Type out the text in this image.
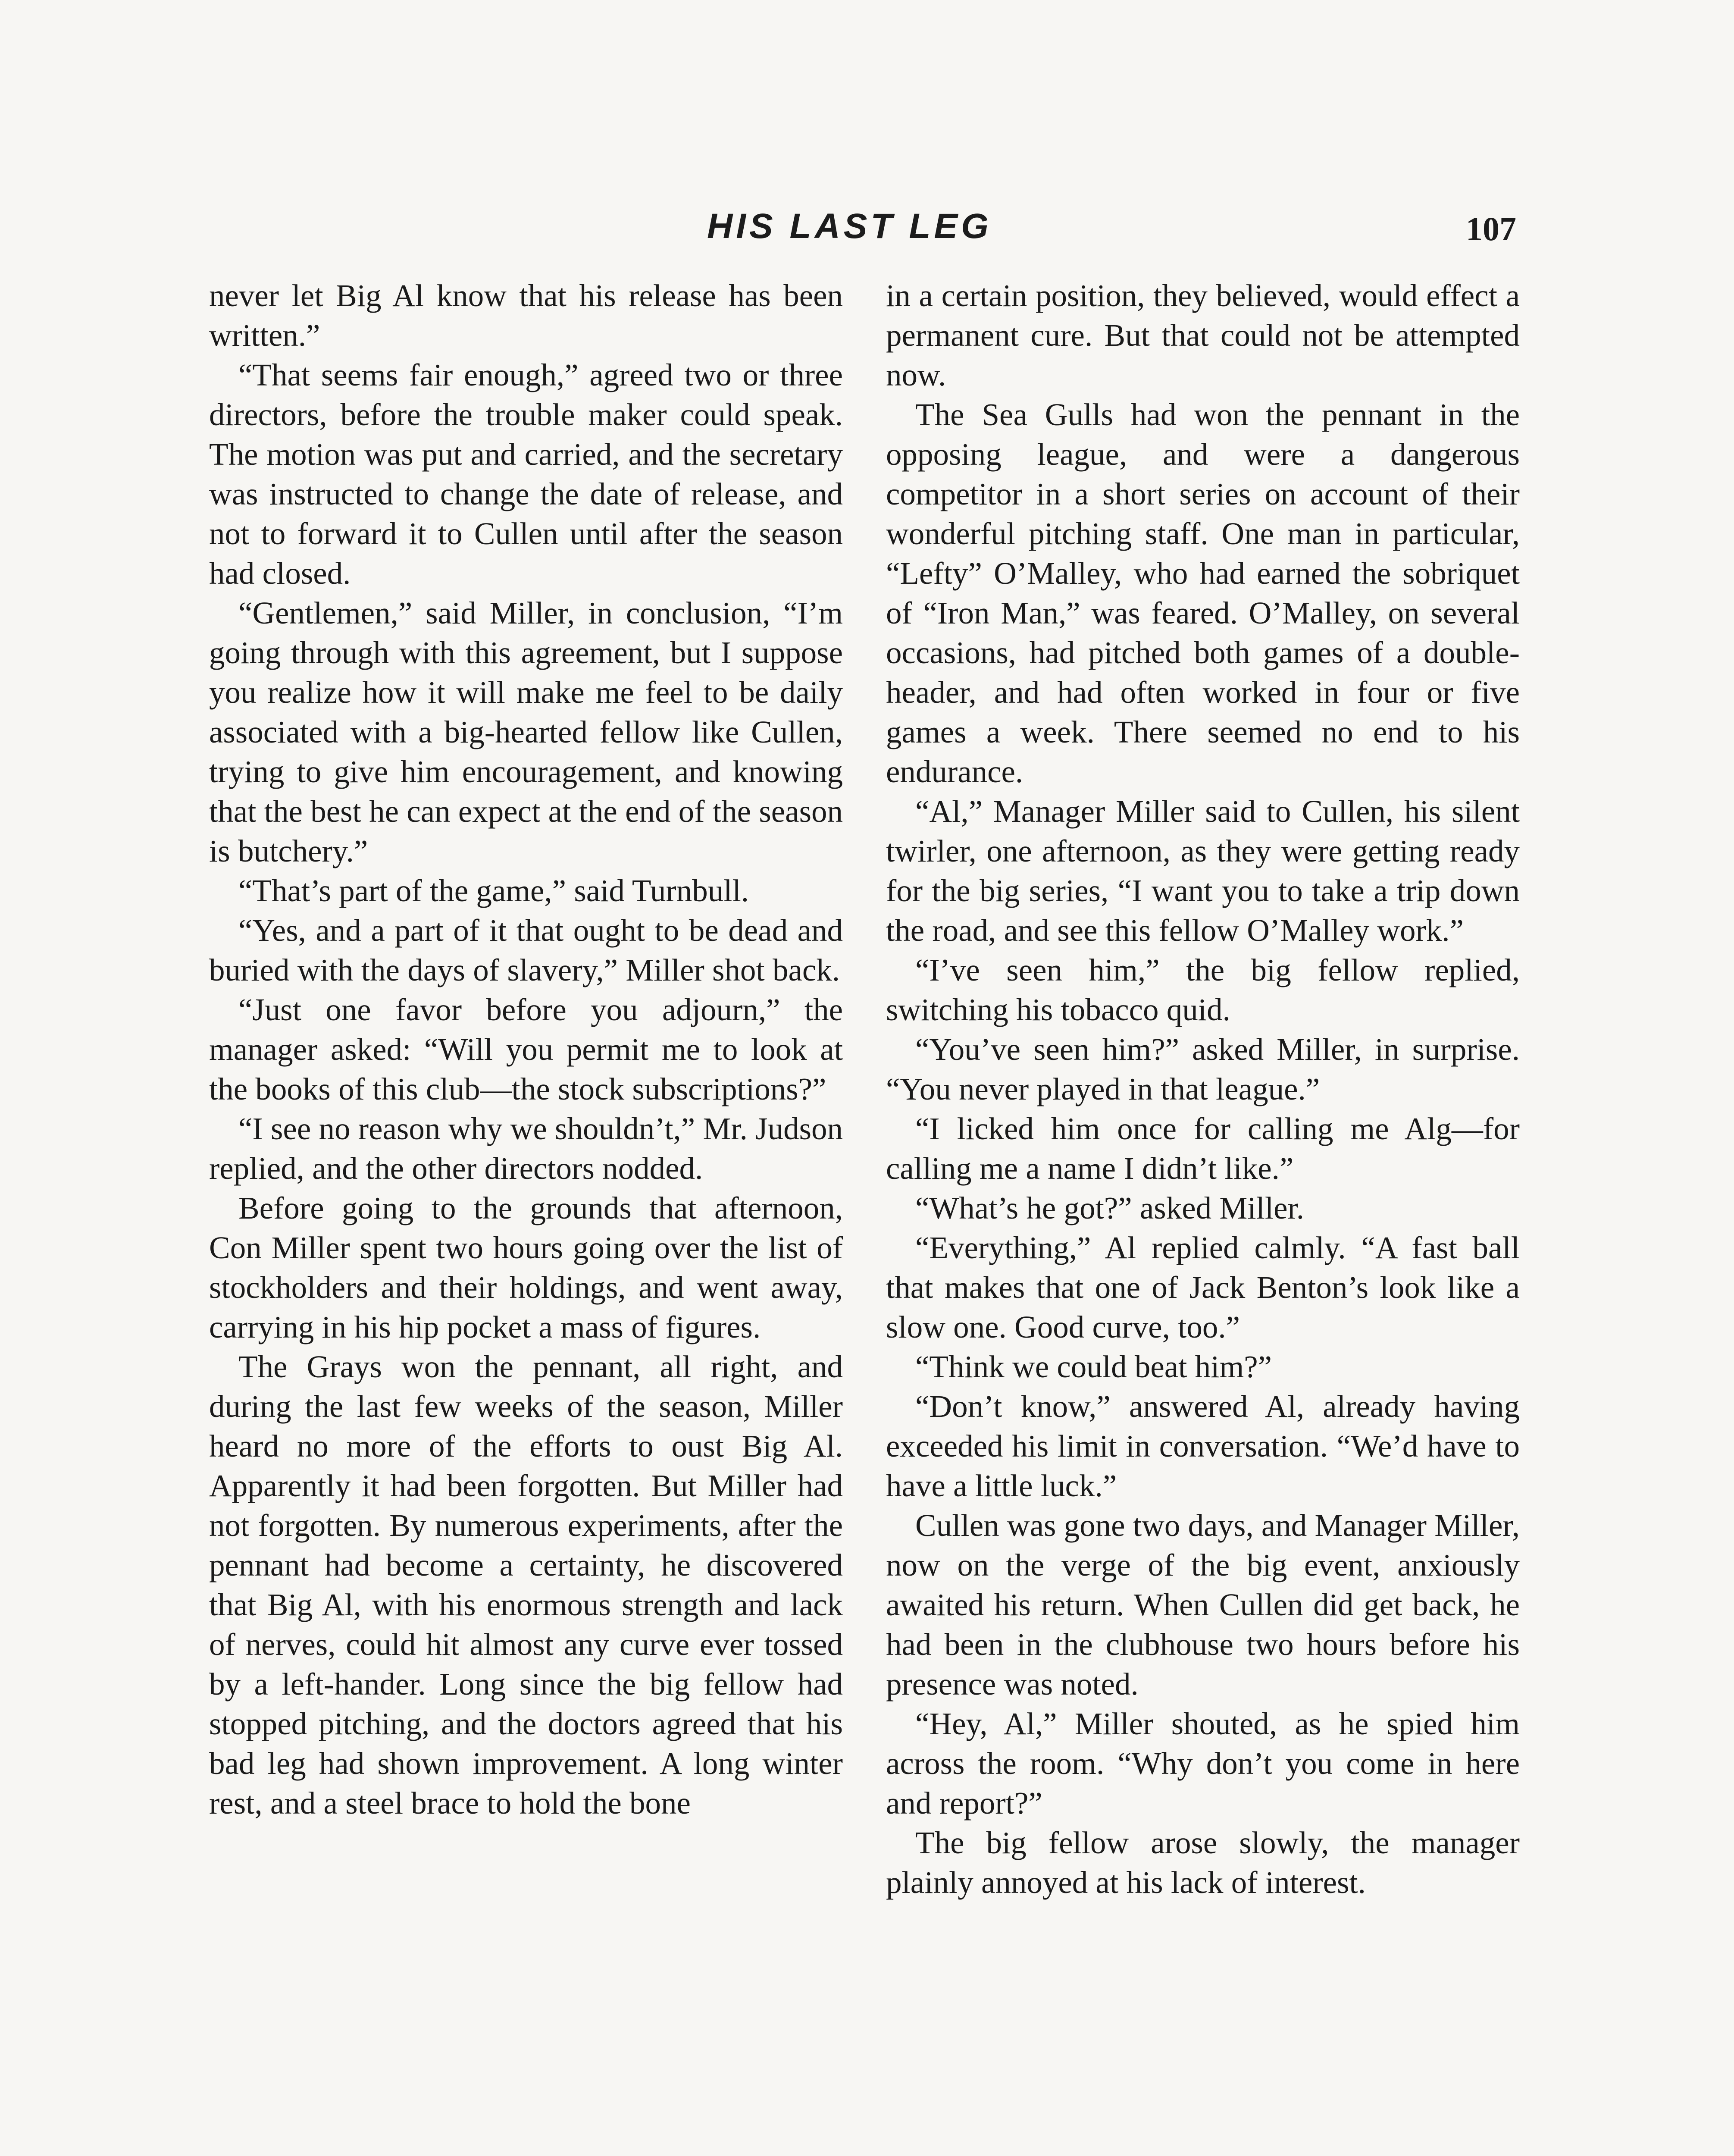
HIS LAST LEG	107

never let Big Al know that his release has been written.”

“That seems fair enough,” agreed two or three directors, before the trouble maker could speak. The motion was put and carried, and the secretary was instructed to change the date of release, and not to forward it to Cullen until after the season had closed.

“Gentlemen,” said Miller, in conclusion, “I’m going through with this agreement, but I suppose you realize how it will make me feel to be daily associated with a big-hearted fellow like Cullen, trying to give him encouragement, and knowing that the best he can expect at the end of the season is butchery.”

“That’s part of the game,” said Turnbull.

“Yes, and a part of it that ought to be dead and buried with the days of slavery,” Miller shot back.

“Just one favor before you adjourn,” the manager asked: “Will you permit me to look at the books of this club—the stock subscriptions?”

“I see no reason why we shouldn’t,” Mr. Judson replied, and the other directors nodded.

Before going to the grounds that afternoon, Con Miller spent two hours going over the list of stockholders and their holdings, and went away, carrying in his hip pocket a mass of figures.

The Grays won the pennant, all right, and during the last few weeks of the season, Miller heard no more of the efforts to oust Big Al. Apparently it had been forgotten. But Miller had not forgotten. By numerous experiments, after the pennant had become a certainty, he discovered that Big Al, with his enormous strength and lack of nerves, could hit almost any curve ever tossed by a left-hander. Long since the big fellow had stopped pitching, and the doctors agreed that his bad leg had shown improvement. A long winter rest, and a steel brace to hold the bone

in a certain position, they believed, would effect a permanent cure. But that could not be attempted now.

The Sea Gulls had won the pennant in the opposing league, and were a dangerous competitor in a short series on account of their wonderful pitching staff. One man in particular, “Lefty” O’Malley, who had earned the sobriquet of “Iron Man,” was feared. O’Malley, on several occasions, had pitched both games of a double-header, and had often worked in four or five games a week. There seemed no end to his endurance.

“Al,” Manager Miller said to Cullen, his silent twirler, one afternoon, as they were getting ready for the big series, “I want you to take a trip down the road, and see this fellow O’Malley work.”

“I’ve seen him,” the big fellow replied, switching his tobacco quid.

“You’ve seen him?” asked Miller, in surprise. “You never played in that league.”

“I licked him once for calling me Alg—for calling me a name I didn’t like.”

“What’s he got?” asked Miller.

“Everything,” Al replied calmly. “A fast ball that makes that one of Jack Benton’s look like a slow one. Good curve, too.”

“Think we could beat him?”

“Don’t know,” answered Al, already having exceeded his limit in conversation. “We’d have to have a little luck.”

Cullen was gone two days, and Manager Miller, now on the verge of the big event, anxiously awaited his return. When Cullen did get back, he had been in the clubhouse two hours before his presence was noted.

“Hey, Al,” Miller shouted, as he spied him across the room. “Why don’t you come in here and report?”

The big fellow arose slowly, the manager plainly annoyed at his lack of interest.
